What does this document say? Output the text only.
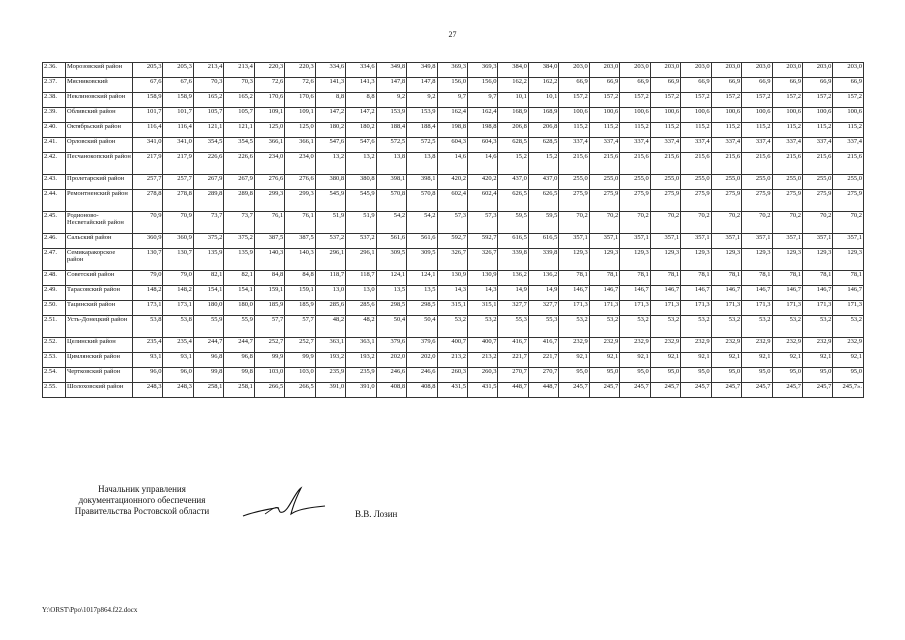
27
2.36.	Морозовский район	205,3	205,3	213,4	213,4	220,3	220,3	334,6	334,6	349,8	349,8	369,3	369,3	384,0	384,0	203,0	203,0	203,0	203,0	203,0	203,0	203,0	203,0	203,0	203,0
2.37.	Мясниковский	67,6	67,6	70,3	70,3	72,6	72,6	141,3	141,3	147,8	147,8	156,0	156,0	162,2	162,2	66,9	66,9	66,9	66,9	66,9	66,9	66,9	66,9	66,9	66,9
2.38.	Неклиновский район	158,9	158,9	165,2	165,2	170,6	170,6	8,8	8,8	9,2	9,2	9,7	9,7	10,1	10,1	157,2	157,2	157,2	157,2	157,2	157,2	157,2	157,2	157,2	157,2
2.39.	Обливский район	101,7	101,7	105,7	105,7	109,1	109,1	147,2	147,2	153,9	153,9	162,4	162,4	168,9	168,9	100,6	100,6	100,6	100,6	100,6	100,6	100,6	100,6	100,6	100,6
2.40.	Октябрьский район	116,4	116,4	121,1	121,1	125,0	125,0	180,2	180,2	188,4	188,4	198,8	198,8	206,8	206,8	115,2	115,2	115,2	115,2	115,2	115,2	115,2	115,2	115,2	115,2
2.41.	Орловский район	341,0	341,0	354,5	354,5	366,1	366,1	547,6	547,6	572,5	572,5	604,3	604,3	628,5	628,5	337,4	337,4	337,4	337,4	337,4	337,4	337,4	337,4	337,4	337,4
2.42.	Песчанокопский район	217,9	217,9	226,6	226,6	234,0	234,0	13,2	13,2	13,8	13,8	14,6	14,6	15,2	15,2	215,6	215,6	215,6	215,6	215,6	215,6	215,6	215,6	215,6	215,6
2.43.	Пролетарский район	257,7	257,7	267,9	267,9	276,6	276,6	380,8	380,8	398,1	398,1	420,2	420,2	437,0	437,0	255,0	255,0	255,0	255,0	255,0	255,0	255,0	255,0	255,0	255,0
2.44.	Ремонтненский район	278,8	278,8	289,8	289,8	299,3	299,3	545,9	545,9	570,8	570,8	602,4	602,4	626,5	626,5	275,9	275,9	275,9	275,9	275,9	275,9	275,9	275,9	275,9	275,9
2.45.	Родионово-Несветайский район	70,9	70,9	73,7	73,7	76,1	76,1	51,9	51,9	54,2	54,2	57,3	57,3	59,5	59,5	70,2	70,2	70,2	70,2	70,2	70,2	70,2	70,2	70,2	70,2
2.46.	Сальский район	360,9	360,9	375,2	375,2	387,5	387,5	537,2	537,2	561,6	561,6	592,7	592,7	616,5	616,5	357,1	357,1	357,1	357,1	357,1	357,1	357,1	357,1	357,1	357,1
2.47.	Семикаракорское район	130,7	130,7	135,9	135,9	140,3	140,3	296,1	296,1	309,5	309,5	326,7	326,7	339,8	339,8	129,3	129,3	129,3	129,3	129,3	129,3	129,3	129,3	129,3	129,3
2.48.	Советский район	79,0	79,0	82,1	82,1	84,8	84,8	118,7	118,7	124,1	124,1	130,9	130,9	136,2	136,2	78,1	78,1	78,1	78,1	78,1	78,1	78,1	78,1	78,1	78,1
2.49.	Тарасовский район	148,2	148,2	154,1	154,1	159,1	159,1	13,0	13,0	13,5	13,5	14,3	14,3	14,9	14,9	146,7	146,7	146,7	146,7	146,7	146,7	146,7	146,7	146,7	146,7
2.50.	Тацинский район	173,1	173,1	180,0	180,0	185,9	185,9	285,6	285,6	298,5	298,5	315,1	315,1	327,7	327,7	171,3	171,3	171,3	171,3	171,3	171,3	171,3	171,3	171,3	171,3
2.51.	Усть-Донецкий район	53,8	53,8	55,9	55,9	57,7	57,7	48,2	48,2	50,4	50,4	53,2	53,2	55,3	55,3	53,2	53,2	53,2	53,2	53,2	53,2	53,2	53,2	53,2	53,2
2.52.	Целинский район	235,4	235,4	244,7	244,7	252,7	252,7	363,1	363,1	379,6	379,6	400,7	400,7	416,7	416,7	232,9	232,9	232,9	232,9	232,9	232,9	232,9	232,9	232,9	232,9
2.53.	Цимлянский район	93,1	93,1	96,8	96,8	99,9	99,9	193,2	193,2	202,0	202,0	213,2	213,2	221,7	221,7	92,1	92,1	92,1	92,1	92,1	92,1	92,1	92,1	92,1	92,1
2.54.	Чертковский район	96,0	96,0	99,8	99,8	103,0	103,0	235,9	235,9	246,6	246,6	260,3	260,3	270,7	270,7	95,0	95,0	95,0	95,0	95,0	95,0	95,0	95,0	95,0	95,0
2.55.	Шолоховский район	248,3	248,3	258,1	258,1	266,5	266,5	391,0	391,0	408,8	408,8	431,5	431,5	448,7	448,7	245,7	245,7	245,7	245,7	245,7	245,7	245,7	245,7	245,7	245,7».
Начальник управления
документационного обеспечения
Правительства Ростовской области	В.В. Лозин
Y:\ORST\Ppo\1017p864.f22.docx
